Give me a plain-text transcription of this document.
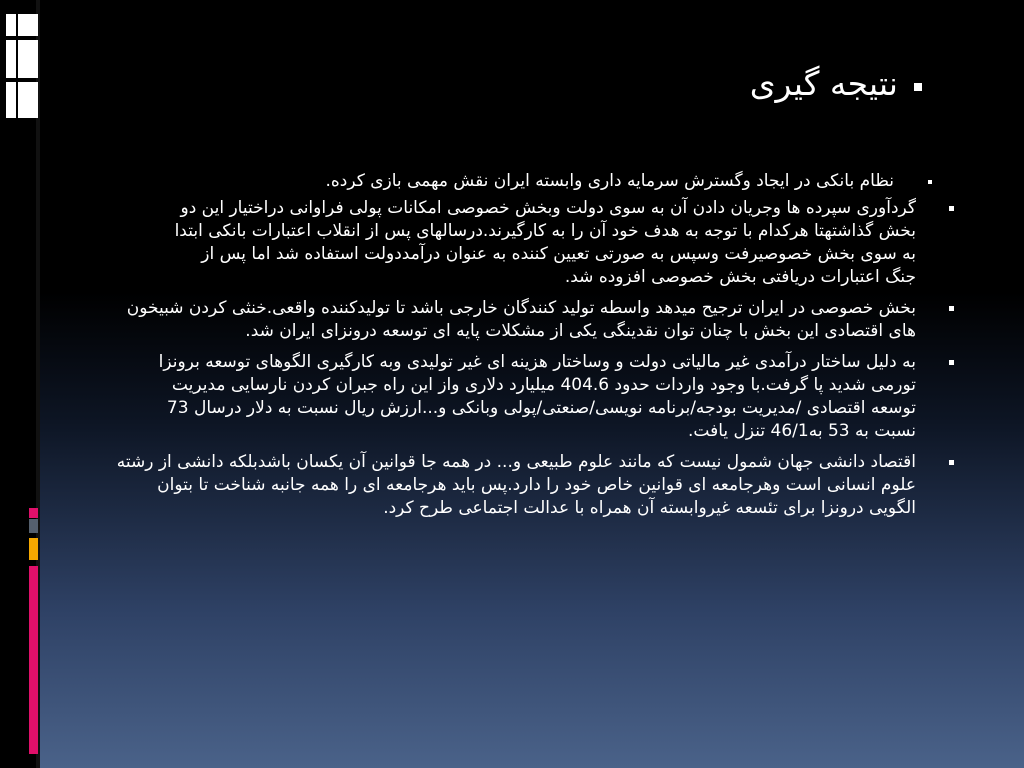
نتیجه گیری
نظام بانکی در ایجاد وگسترش سرمایه داری وابسته ایران نقش مهمی بازی کرده.
گردآوری سپرده ها وجریان دادن آن به سوی دولت وبخش خصوصی امکانات پولی فراوانی دراختیار این دو بخش گذاشتهتا هرکدام با توجه به هدف خود آن را به کارگیرند.درسالهای پس از انقلاب اعتبارات بانکی ابتدا به سوی بخش خصوصیرفت وسپس به صورتی تعیین کننده به عنوان درآمددولت استفاده شد اما پس از جنگ اعتبارات دریافتی بخش خصوصی افزوده شد.
بخش خصوصی در ایران ترجیح میدهد واسطه تولید کنندگان خارجی باشد تا تولیدکننده واقعی.خنثی کردن شبیخون های اقتصادی این بخش با چنان توان نقدینگی یکی از مشکلات پایه ای توسعه درونزای ایران شد.
به دلیل ساختار درآمدی غیر مالیاتی دولت و وساختار هزینه ای غیر تولیدی وبه کارگیری الگوهای توسعه برونزا تورمی شدید پا گرفت.با وجود واردات حدود 404.6 میلیارد دلاری واز این راه جبران کردن نارسایی مدیریت توسعه اقتصادی /مدیریت بودجه/برنامه نویسی/صنعتی/پولی وبانکی و...ارزش ریال نسبت به دلار درسال 73 نسبت به 53 به46/1 تنزل یافت.
اقتصاد دانشی جهان شمول نیست که مانند علوم طبیعی و... در همه جا قوانین آن یکسان باشدبلکه دانشی از رشته علوم انسانی است وهرجامعه ای قوانین خاص خود را دارد.پس باید هرجامعه ای را همه جانبه شناخت تا بتوان الگویی درونزا برای تئسعه غیروابسته آن همراه با عدالت اجتماعی طرح کرد.
